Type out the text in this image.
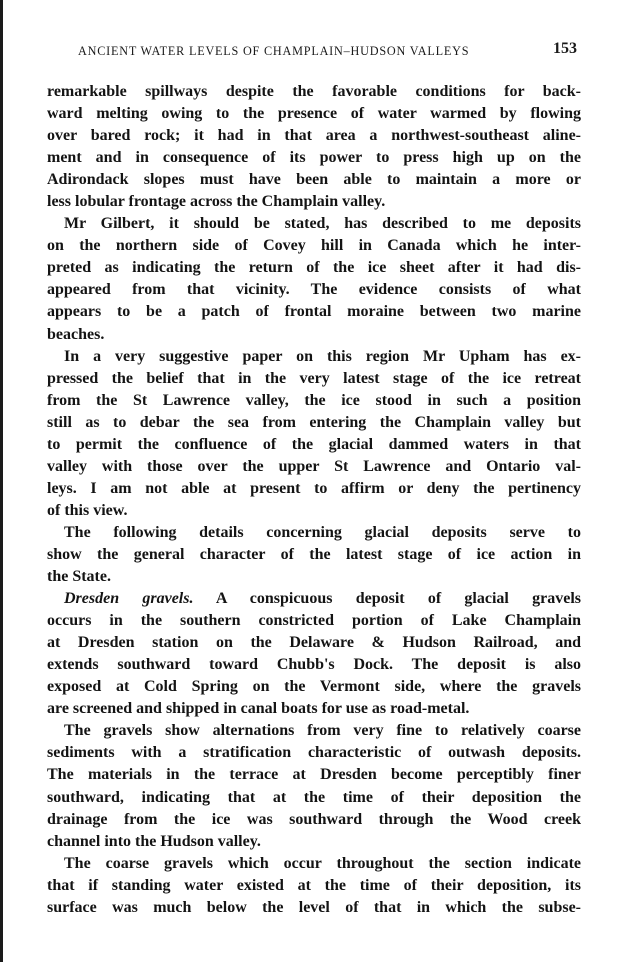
ANCIENT WATER LEVELS OF CHAMPLAIN–HUDSON VALLEYS	153
remarkable spillways despite the favorable conditions for back-
ward melting owing to the presence of water warmed by flowing
over bared rock; it had in that area a northwest-southeast aline-
ment and in consequence of its power to press high up on the
Adirondack slopes must have been able to maintain a more or
less lobular frontage across the Champlain valley.
Mr Gilbert, it should be stated, has described to me deposits
on the northern side of Covey hill in Canada which he inter-
preted as indicating the return of the ice sheet after it had dis-
appeared from that vicinity. The evidence consists of what
appears to be a patch of frontal moraine between two marine
beaches.
In a very suggestive paper on this region Mr Upham has ex-
pressed the belief that in the very latest stage of the ice retreat
from the St Lawrence valley, the ice stood in such a position
still as to debar the sea from entering the Champlain valley but
to permit the confluence of the glacial dammed waters in that
valley with those over the upper St Lawrence and Ontario val-
leys. I am not able at present to affirm or deny the pertinency
of this view.
The following details concerning glacial deposits serve to
show the general character of the latest stage of ice action in
the State.
Dresden gravels. A conspicuous deposit of glacial gravels
occurs in the southern constricted portion of Lake Champlain
at Dresden station on the Delaware & Hudson Railroad, and
extends southward toward Chubb's Dock. The deposit is also
exposed at Cold Spring on the Vermont side, where the gravels
are screened and shipped in canal boats for use as road-metal.
The gravels show alternations from very fine to relatively coarse
sediments with a stratification characteristic of outwash deposits.
The materials in the terrace at Dresden become perceptibly finer
southward, indicating that at the time of their deposition the
drainage from the ice was southward through the Wood creek
channel into the Hudson valley.
The coarse gravels which occur throughout the section indicate
that if standing water existed at the time of their deposition, its
surface was much below the level of that in which the subse-
